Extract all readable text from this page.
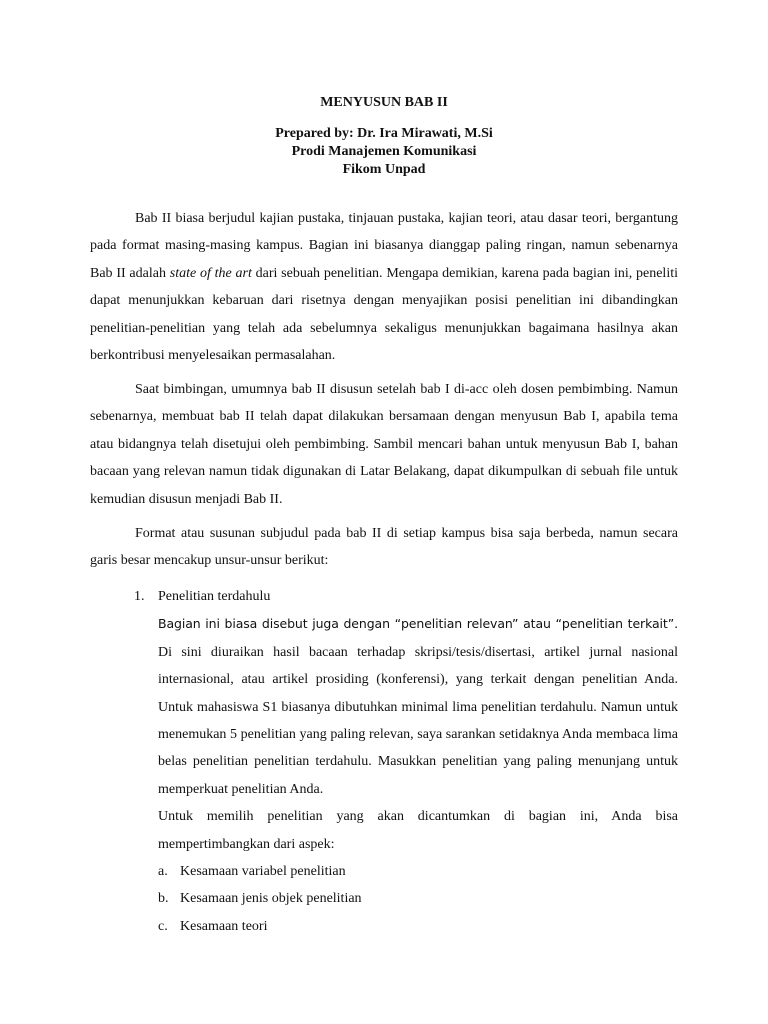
MENYUSUN BAB II
Prepared by: Dr. Ira Mirawati, M.Si
Prodi Manajemen Komunikasi
Fikom Unpad

Bab II biasa berjudul kajian pustaka, tinjauan pustaka, kajian teori, atau dasar teori, bergantung pada format masing-masing kampus. Bagian ini biasanya dianggap paling ringan, namun sebenarnya Bab II adalah state of the art dari sebuah penelitian. Mengapa demikian, karena pada bagian ini, peneliti dapat menunjukkan kebaruan dari risetnya dengan menyajikan posisi penelitian ini dibandingkan penelitian-penelitian yang telah ada sebelumnya sekaligus menunjukkan bagaimana hasilnya akan berkontribusi menyelesaikan permasalahan.

Saat bimbingan, umumnya bab II disusun setelah bab I di-acc oleh dosen pembimbing. Namun sebenarnya, membuat bab II telah dapat dilakukan bersamaan dengan menyusun Bab I, apabila tema atau bidangnya telah disetujui oleh pembimbing. Sambil mencari bahan untuk menyusun Bab I, bahan bacaan yang relevan namun tidak digunakan di Latar Belakang, dapat dikumpulkan di sebuah file untuk kemudian disusun menjadi Bab II.

Format atau susunan subjudul pada bab II di setiap kampus bisa saja berbeda, namun secara garis besar mencakup unsur-unsur berikut:

1. Penelitian terdahulu

Bagian ini biasa disebut juga dengan “penelitian relevan” atau “penelitian terkait”. Di sini diuraikan hasil bacaan terhadap skripsi/tesis/disertasi, artikel jurnal nasional internasional, atau artikel prosiding (konferensi), yang terkait dengan penelitian Anda. Untuk mahasiswa S1 biasanya dibutuhkan minimal lima penelitian terdahulu. Namun untuk menemukan 5 penelitian yang paling relevan, saya sarankan setidaknya Anda membaca lima belas penelitian penelitian terdahulu. Masukkan penelitian yang paling menunjang untuk memperkuat penelitian Anda.

Untuk memilih penelitian yang akan dicantumkan di bagian ini, Anda bisa mempertimbangkan dari aspek:

a. Kesamaan variabel penelitian
b. Kesamaan jenis objek penelitian
c. Kesamaan teori
